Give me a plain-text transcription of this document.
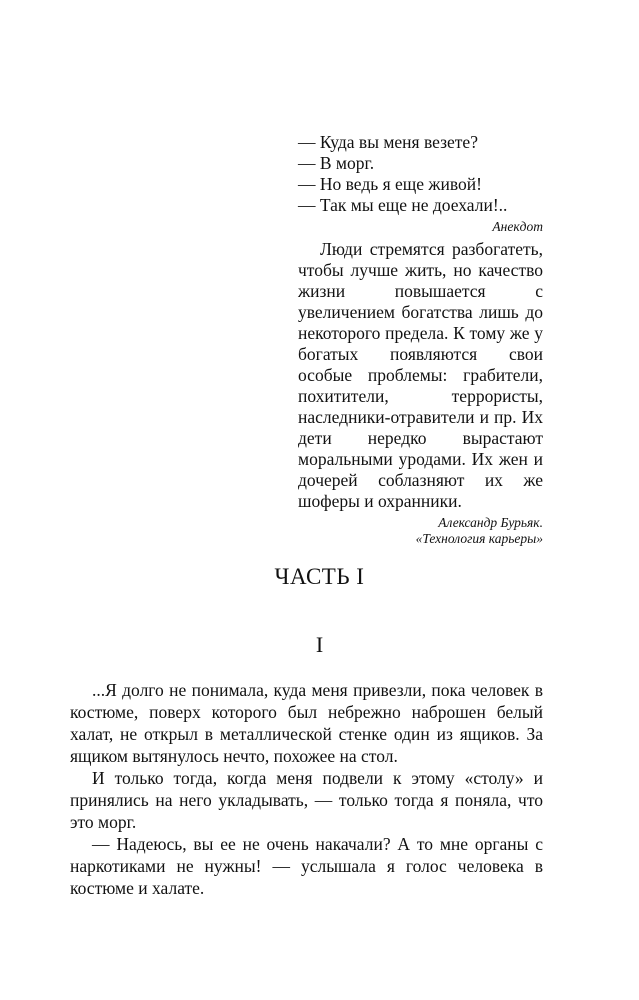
— Куда вы меня везете?

— В морг.

— Но ведь я еще живой!

— Так мы еще не доехали!..

Анекдот

Люди стремятся разбогатеть, чтобы лучше жить, но качество жизни повышается с увеличением богатства лишь до некоторого предела. К тому же у богатых появляются свои особые проблемы: грабители, похитители, террористы, наследники-отравители и пр. Их дети нередко вырастают моральными уродами. Их жен и дочерей соблазняют их же шоферы и охранники.

Александр Бурьяк.
«Технология карьеры»
ЧАСТЬ I
I

...Я долго не понимала, куда меня привезли, пока человек в костюме, поверх которого был небрежно наброшен белый халат, не открыл в металлической стенке один из ящиков. За ящиком вытянулось нечто, похожее на стол.

И только тогда, когда меня подвели к этому «столу» и принялись на него укладывать, — только тогда я поняла, что это морг.

— Надеюсь, вы ее не очень накачали? А то мне органы с наркотиками не нужны! — услышала я голос человека в костюме и халате.
